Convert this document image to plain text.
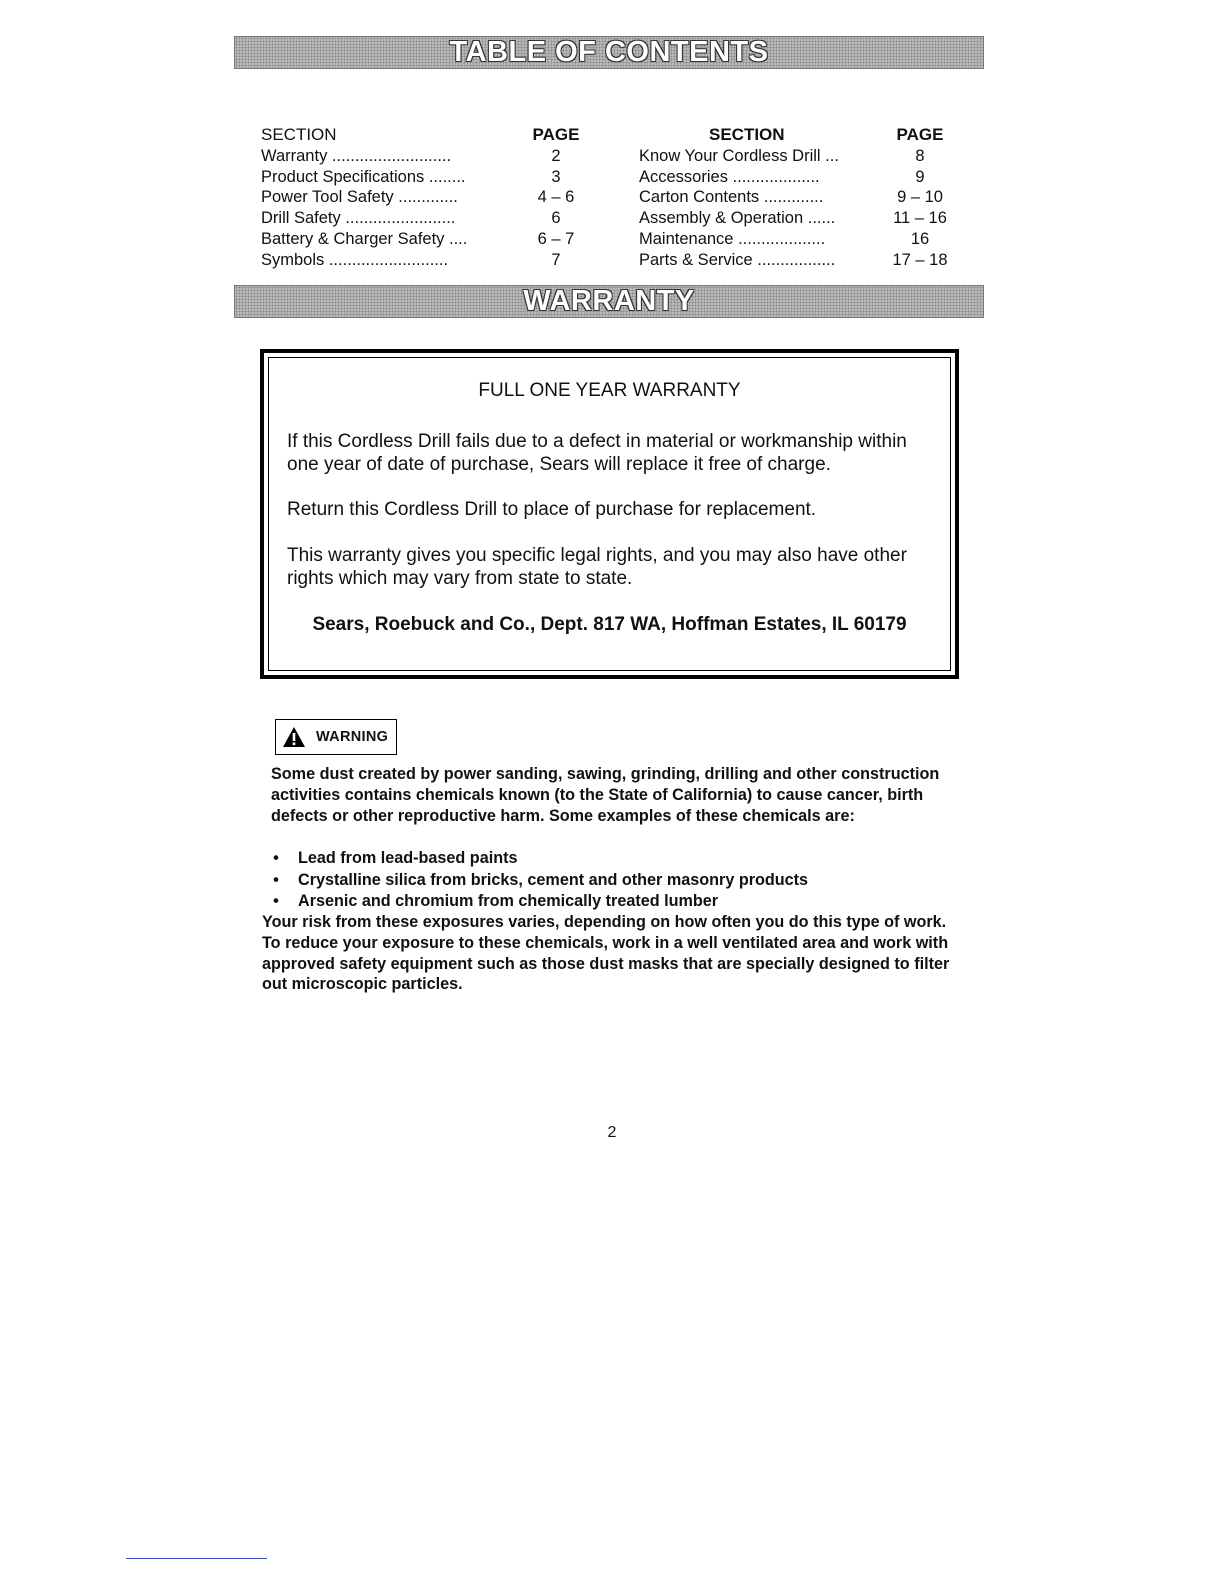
TABLE OF CONTENTS
SECTION	PAGE
Warranty ..........................	2
Product Specifications ........	3
Power Tool Safety .............	4 – 6
Drill Safety ........................	6
Battery & Charger Safety ....	6 – 7
Symbols ..........................	7
SECTION	PAGE
Know Your Cordless Drill ...	8
Accessories ...................	9
Carton Contents .............	9 – 10
Assembly & Operation ......	11 – 16
Maintenance ...................	16
Parts & Service .................	17 – 18
WARRANTY
FULL ONE YEAR WARRANTY

If this Cordless Drill fails due to a defect in material or workmanship within one year of date of purchase, Sears will replace it free of charge.

Return this Cordless Drill to place of purchase for replacement.

This warranty gives you specific legal rights, and you may also have other rights which may vary from state to state.

Sears, Roebuck and Co., Dept. 817 WA, Hoffman Estates, IL 60179
WARNING

Some dust created by power sanding, sawing, grinding, drilling and other construction activities contains chemicals known (to the State of California) to cause cancer, birth defects or other reproductive harm. Some examples of these chemicals are:

• Lead from lead-based paints
• Crystalline silica from bricks, cement and other masonry products
• Arsenic and chromium from chemically treated lumber

Your risk from these exposures varies, depending on how often you do this type of work. To reduce your exposure to these chemicals, work in a well ventilated area and work with approved safety equipment such as those dust masks that are specially designed to filter out microscopic particles.

2
